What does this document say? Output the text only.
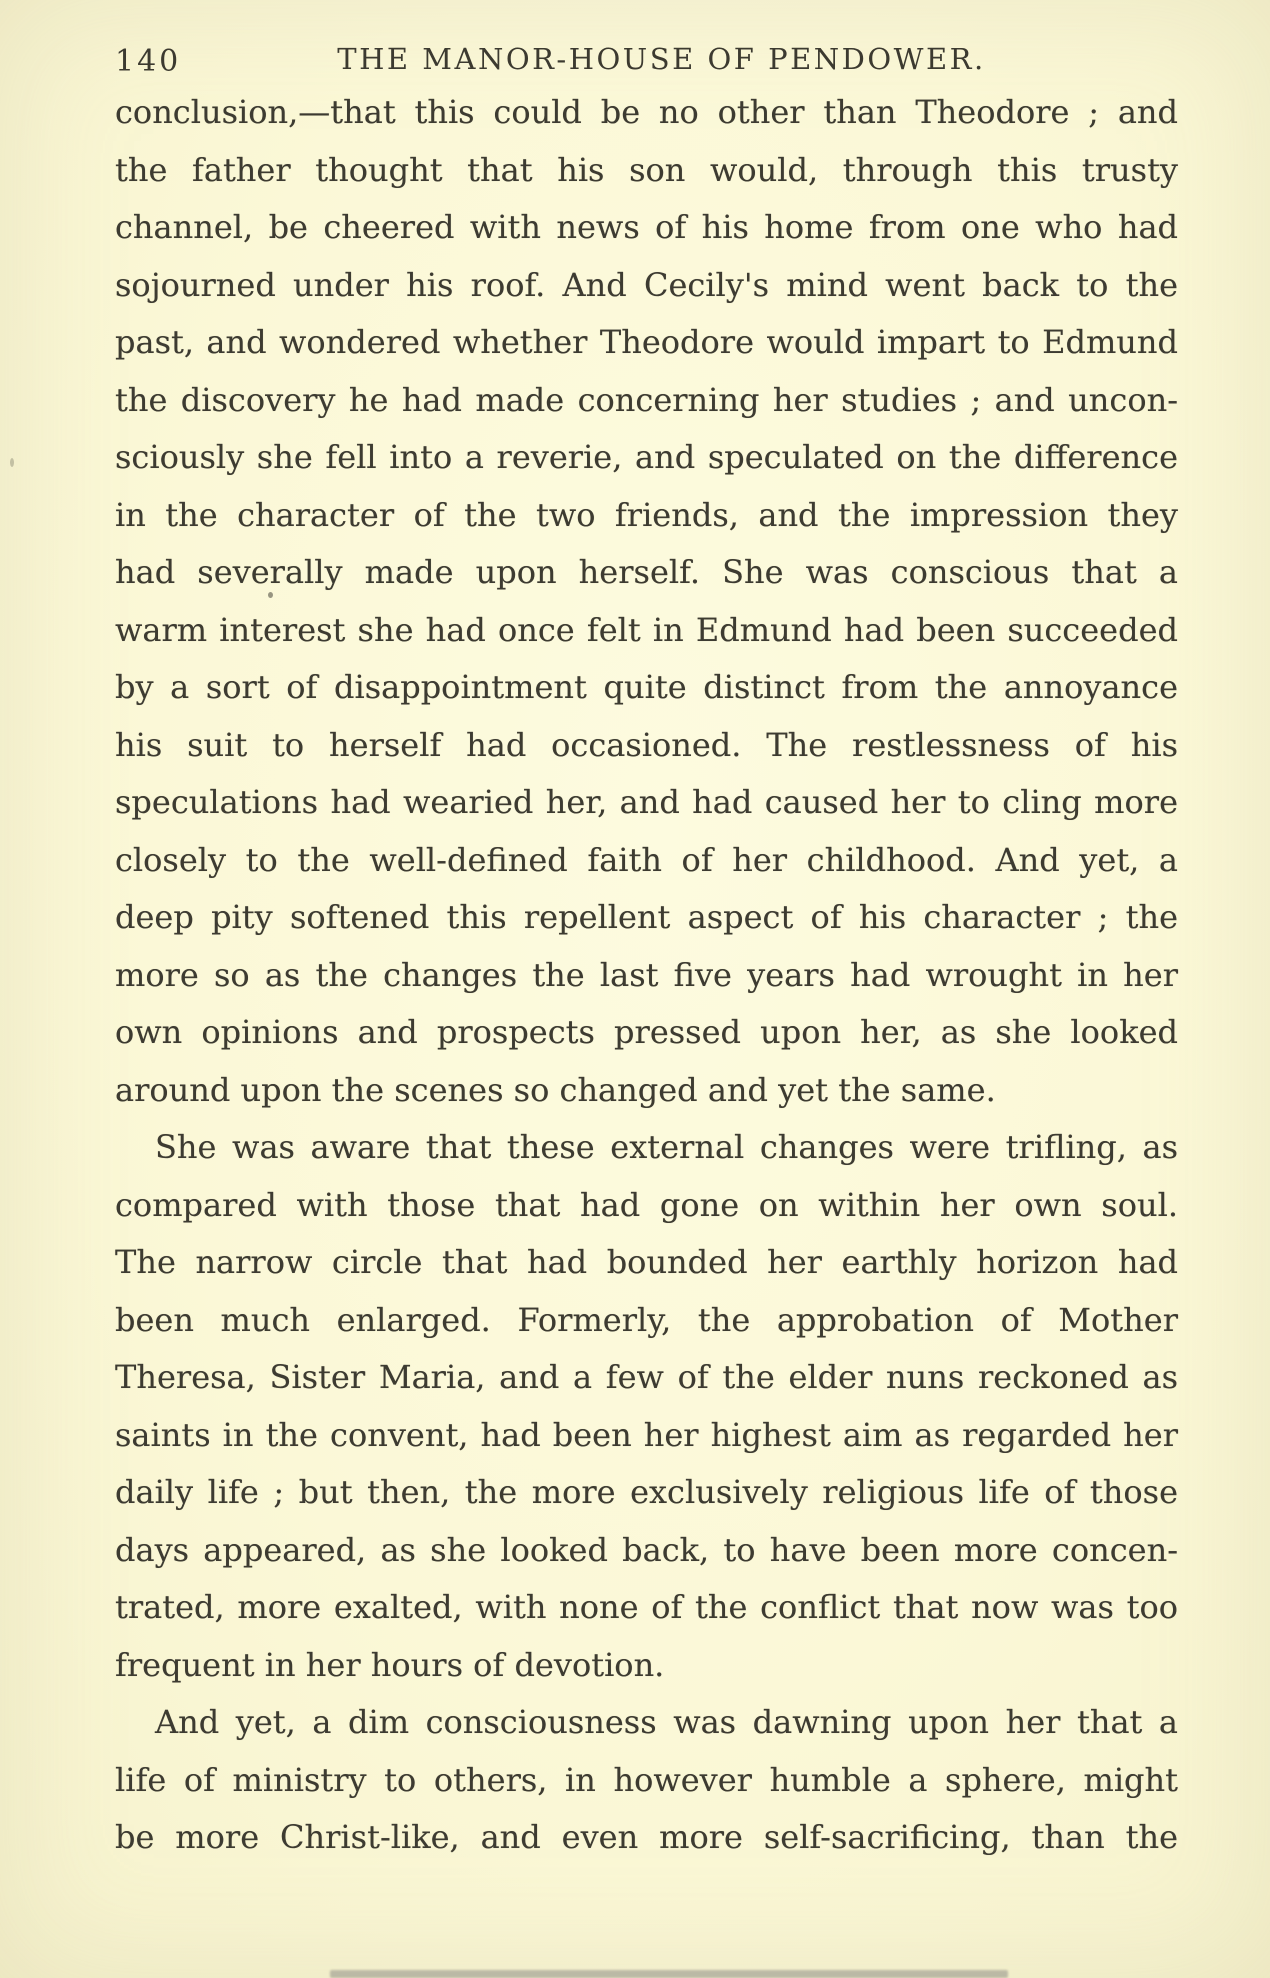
140	THE MANOR-HOUSE OF PENDOWER.
conclusion,—that this could be no other than Theodore ; and
the father thought that his son would, through this trusty
channel, be cheered with news of his home from one who had
sojourned under his roof. And Cecily's mind went back to the
past, and wondered whether Theodore would impart to Edmund
the discovery he had made concerning her studies ; and uncon-
sciously she fell into a reverie, and speculated on the difference
in the character of the two friends, and the impression they
had severally made upon herself. She was conscious that a
warm interest she had once felt in Edmund had been succeeded
by a sort of disappointment quite distinct from the annoyance
his suit to herself had occasioned. The restlessness of his
speculations had wearied her, and had caused her to cling more
closely to the well-defined faith of her childhood. And yet, a
deep pity softened this repellent aspect of his character ; the
more so as the changes the last five years had wrought in her
own opinions and prospects pressed upon her, as she looked
around upon the scenes so changed and yet the same.
She was aware that these external changes were trifling, as
compared with those that had gone on within her own soul.
The narrow circle that had bounded her earthly horizon had
been much enlarged. Formerly, the approbation of Mother
Theresa, Sister Maria, and a few of the elder nuns reckoned as
saints in the convent, had been her highest aim as regarded her
daily life ; but then, the more exclusively religious life of those
days appeared, as she looked back, to have been more concen-
trated, more exalted, with none of the conflict that now was too
frequent in her hours of devotion.
And yet, a dim consciousness was dawning upon her that a
life of ministry to others, in however humble a sphere, might
be more Christ-like, and even more self-sacrificing, than the
